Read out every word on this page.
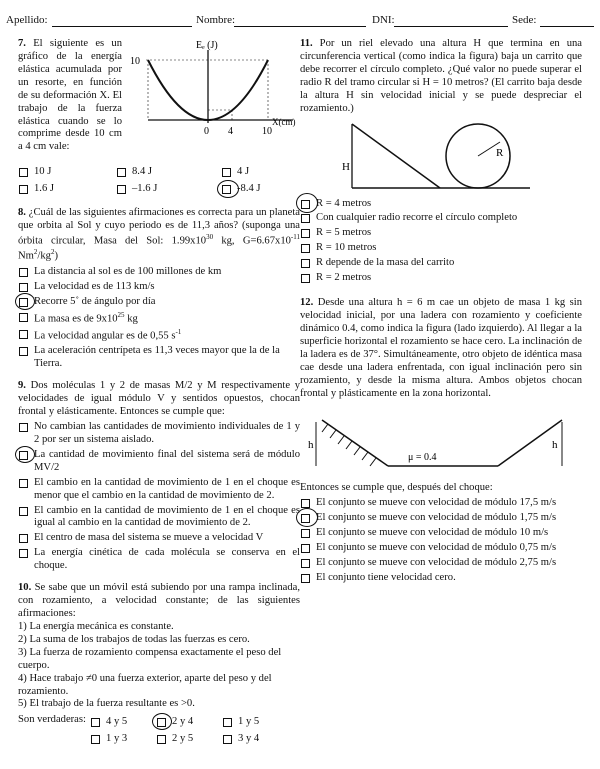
Apellido:	Nombre:	DNI:	Sede:
7. El siguiente es un gráfico de la energía elástica acumulada por un resorte, en función de su deformación X. El trabajo de la fuerza elástica cuando se lo comprime desde 10 cm a 4 cm vale:
Eₑ (J)
10
X(cm)
0 4	10
10 J	8.4 J	4 J
1.6 J	–1.6 J	-8.4 J
8. ¿Cuál de las siguientes afirmaciones es correcta para un planeta que orbita al Sol y cuyo periodo es de 11,3 años? (suponga una órbita circular, Masa del Sol: $1.99x10^{30}$ kg, $G=6.67x10^{-11}$ $Nm^2/kg^2$)
La distancia al sol es de 100 millones de km
La velocidad es de 113 km/s
Recorre 5˚ de ángulo por día
La masa es de $9x10^{25}$ kg
La velocidad angular es de 0,55 $s^{-1}$
La aceleración centrípeta es 11,3 veces mayor que la de la Tierra.
9. Dos moléculas 1 y 2 de masas M/2 y M respectivamente y velocidades de igual módulo V y sentidos opuestos, chocan frontal y elásticamente. Entonces se cumple que:
No cambian las cantidades de movimiento individuales de 1 y 2 por ser un sistema aislado.
La cantidad de movimiento final del sistema será de módulo MV/2
El cambio en la cantidad de movimiento de 1 en el choque es menor que el cambio en la cantidad de movimiento de 2.
El cambio en la cantidad de movimiento de 1 en el choque es igual al cambio en la cantidad de movimiento de 2.
El centro de masa del sistema se mueve a velocidad V
La energía cinética de cada molécula se conserva en el choque.
10. Se sabe que un móvil está subiendo por una rampa inclinada, con rozamiento, a velocidad constante; de las siguientes afirmaciones:
1) La energía mecánica es constante.
2) La suma de los trabajos de todas las fuerzas es cero.
3) La fuerza de rozamiento compensa exactamente el peso del cuerpo.
4) Hace trabajo ≠0 una fuerza exterior, aparte del peso y del rozamiento.
5) El trabajo de la fuerza resultante es >0.
Son verdaderas:	4 y 5	2 y 4	1 y 5
1 y 3	2 y 5	3 y 4
11. Por un riel elevado una altura H que termina en una circunferencia vertical (como indica la figura) baja un carrito que debe recorrer el círculo completo. ¿Qué valor no puede superar el radio R del tramo circular si H = 10 metros? (El carrito baja desde la altura H sin velocidad inicial y se puede despreciar el rozamiento.)
H
R
R = 4 metros
Con cualquier radio recorre el círculo completo
R = 5 metros
R = 10 metros
R depende de la masa del carrito
R = 2 metros
12. Desde una altura h = 6 m cae un objeto de masa 1 kg sin velocidad inicial, por una ladera con rozamiento y coeficiente dinámico 0.4, como indica la figura (lado izquierdo). Al llegar a la superficie horizontal el rozamiento se hace cero. La inclinación de la ladera es de 37°. Simultáneamente, otro objeto de idéntica masa cae desde una ladera enfrentada, con igual inclinación pero sin rozamiento, y desde la misma altura. Ambos objetos chocan frontal y plásticamente en la zona horizontal.
h
μ = 0.4
h
Entonces se cumple que, después del choque:
El conjunto se mueve con velocidad de módulo 17,5 m/s
El conjunto se mueve con velocidad de módulo 1,75 m/s
El conjunto se mueve con velocidad de módulo 10 m/s
El conjunto se mueve con velocidad de módulo 0,75 m/s
El conjunto se mueve con velocidad de módulo 2,75 m/s
El conjunto tiene velocidad cero.
